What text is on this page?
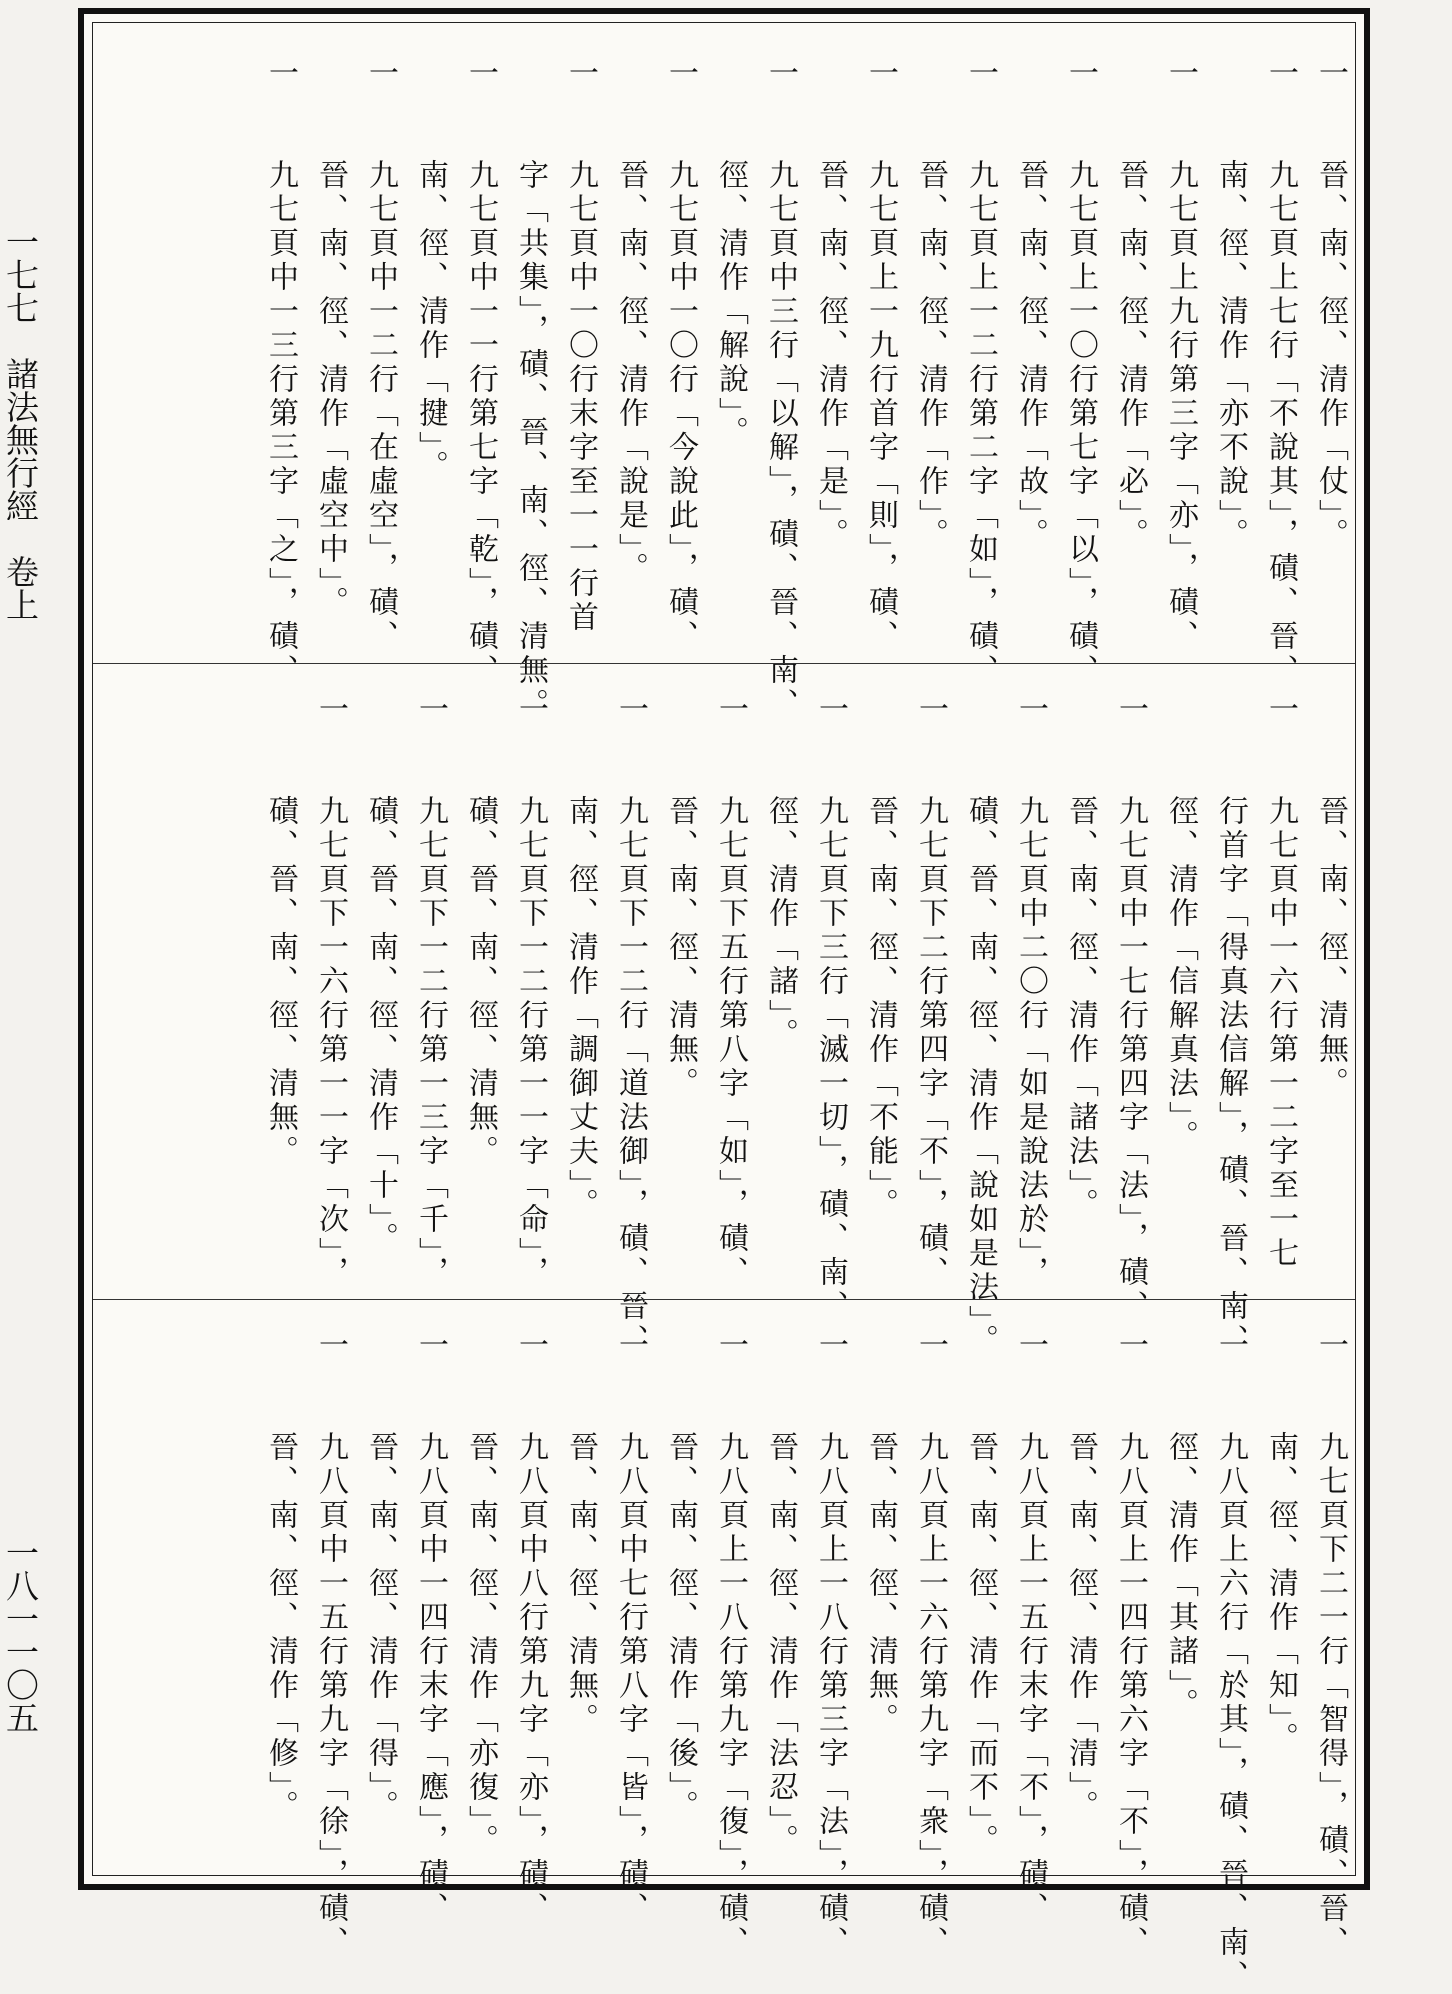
一七七　諸法無行經　卷上
一八一一〇五
一　　晉、南、徑、清作「仗」。
一　　九七頁上七行「不說其」，磧、晉、
　　　南、徑、清作「亦不說」。
一　　九七頁上九行第三字「亦」，磧、
　　　晉、南、徑、清作「必」。
一　　九七頁上一〇行第七字「以」，磧、
　　　晉、南、徑、清作「故」。
一　　九七頁上一二行第二字「如」，磧、
　　　晉、南、徑、清作「作」。
一　　九七頁上一九行首字「則」，磧、
　　　晉、南、徑、清作「是」。
一　　九七頁中三行「以解」，磧、晉、南、
　　　徑、清作「解說」。
一　　九七頁中一〇行「今說此」，磧、
　　　晉、南、徑、清作「說是」。
一　　九七頁中一〇行末字至一一行首
　　　字「共集」，磧、晉、南、徑、清無。
一　　九七頁中一一行第七字「乾」，磧、
　　　南、徑、清作「揵」。
一　　九七頁中一二行「在虛空」，磧、
　　　晉、南、徑、清作「虛空中」。
一　　九七頁中一三行第三字「之」，磧、
　　　晉、南、徑、清無。
一　　九七頁中一六行第一二字至一七
　　　行首字「得真法信解」，磧、晉、南、
　　　徑、清作「信解真法」。
一　　九七頁中一七行第四字「法」，磧、
　　　晉、南、徑、清作「諸法」。
一　　九七頁中二〇行「如是說法於」，
　　　磧、晉、南、徑、清作「說如是法」。
一　　九七頁下二行第四字「不」，磧、
　　　晉、南、徑、清作「不能」。
一　　九七頁下三行「滅一切」，磧、南、
　　　徑、清作「諸」。
一　　九七頁下五行第八字「如」，磧、
　　　晉、南、徑、清無。
一　　九七頁下一二行「道法御」，磧、晉、
　　　南、徑、清作「調御丈夫」。
一　　九七頁下一二行第一一字「命」，
　　　磧、晉、南、徑、清無。
一　　九七頁下一二行第一三字「千」，
　　　磧、晉、南、徑、清作「十」。
一　　九七頁下一六行第一一字「次」，
　　　磧、晉、南、徑、清無。
一　　九七頁下二一行「智得」，磧、晉、
　　　南、徑、清作「知」。
一　　九八頁上六行「於其」，磧、晉、南、
　　　徑、清作「其諸」。
一　　九八頁上一四行第六字「不」，磧、
　　　晉、南、徑、清作「清」。
一　　九八頁上一五行末字「不」，磧、
　　　晉、南、徑、清作「而不」。
一　　九八頁上一六行第九字「衆」，磧、
　　　晉、南、徑、清無。
一　　九八頁上一八行第三字「法」，磧、
　　　晉、南、徑、清作「法忍」。
一　　九八頁上一八行第九字「復」，磧、
　　　晉、南、徑、清作「後」。
一　　九八頁中七行第八字「皆」，磧、
　　　晉、南、徑、清無。
一　　九八頁中八行第九字「亦」，磧、
　　　晉、南、徑、清作「亦復」。
一　　九八頁中一四行末字「應」，磧、
　　　晉、南、徑、清作「得」。
一　　九八頁中一五行第九字「徐」，磧、
　　　晉、南、徑、清作「修」。
